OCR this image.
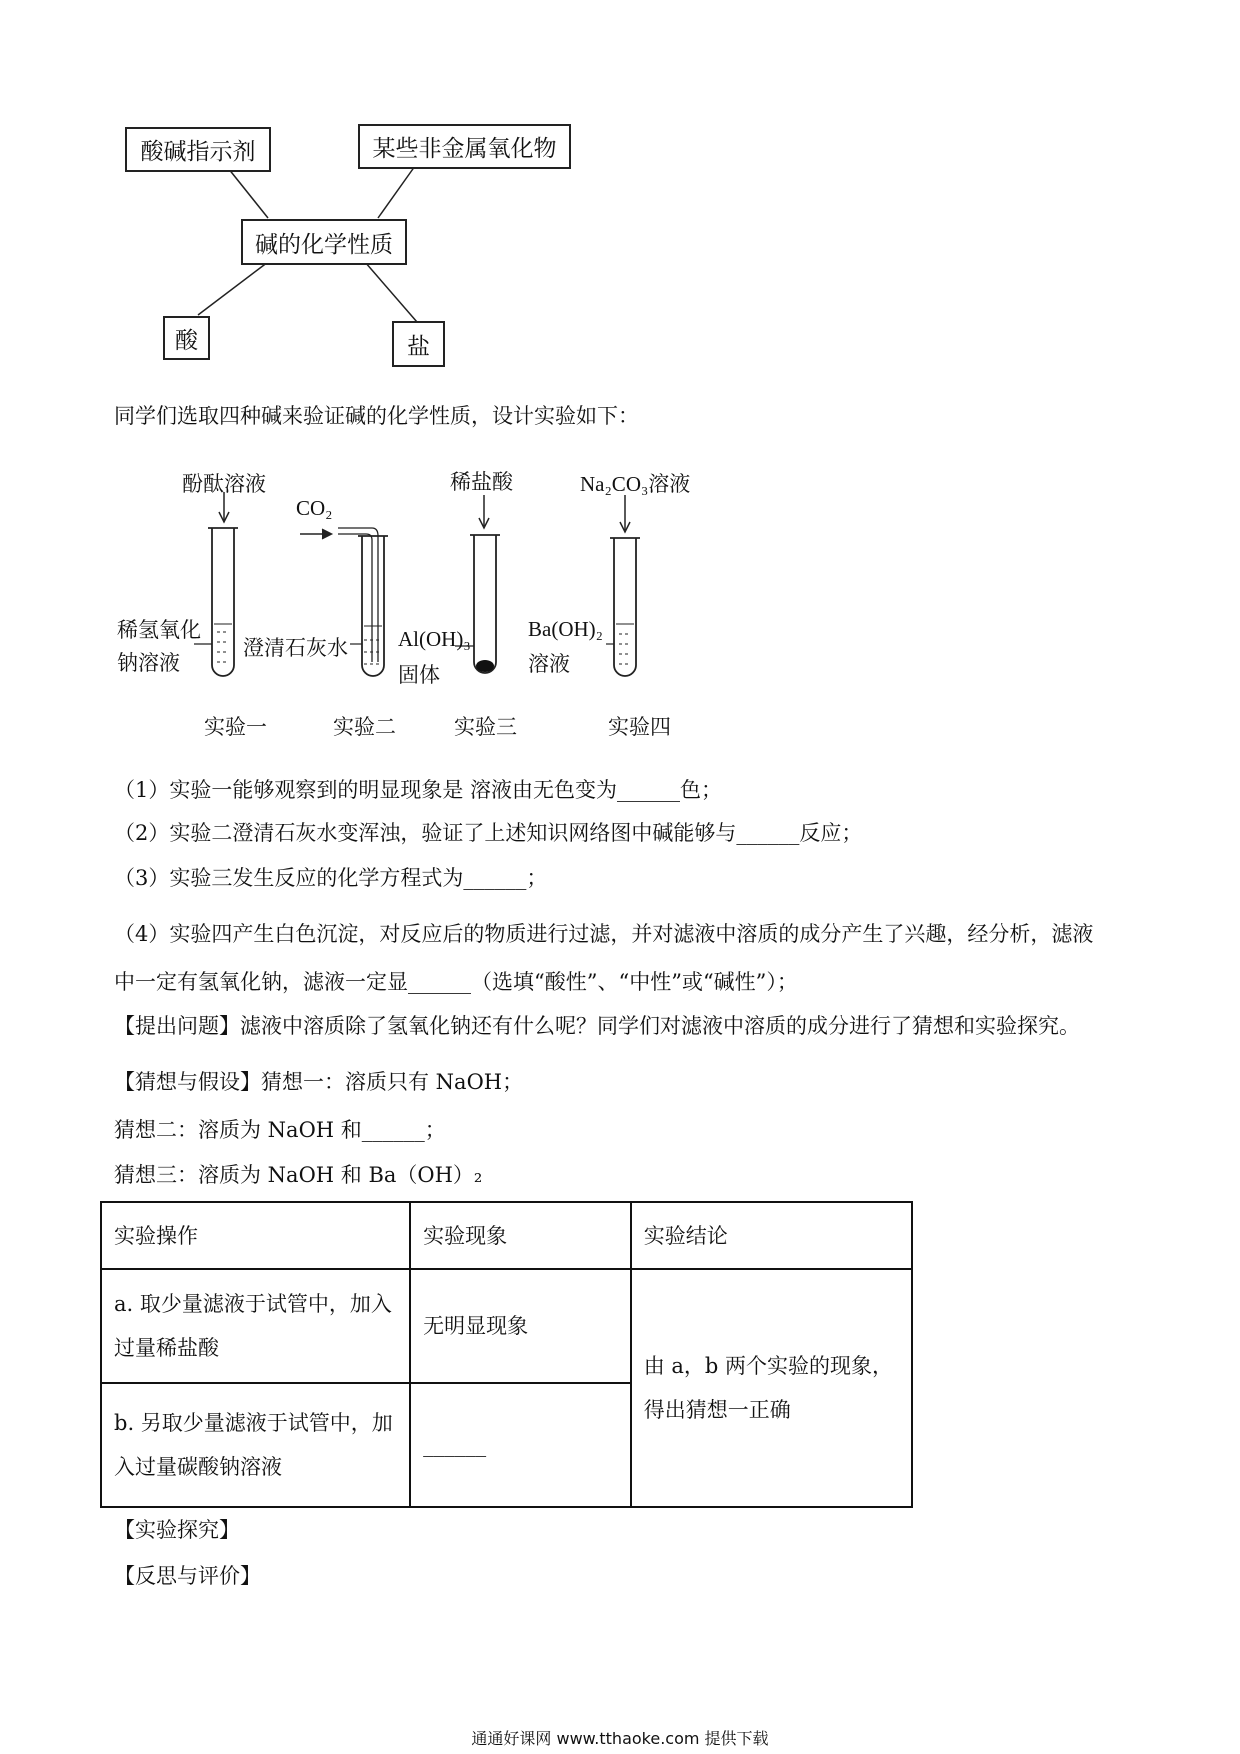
酸碱指示剂	某些非金属氧化物
碱的化学性质
酸	盐
同学们选取四种碱来验证碱的化学性质，设计实验如下：
酚酞溶液
稀氢氧化
钠溶液
实验一
CO₂
澄清石灰水
实验二
稀盐酸
Al(OH)₃
固体
实验三
Na₂CO₃溶液
Ba(OH)₂
溶液
实验四
（1）实验一能够观察到的明显现象是 溶液由无色变为______色；
（2）实验二澄清石灰水变浑浊，验证了上述知识网络图中碱能够与______反应；
（3）实验三发生反应的化学方程式为______；
（4）实验四产生白色沉淀，对反应后的物质进行过滤，并对滤液中溶质的成分产生了兴趣，经分析，滤液
中一定有氢氧化钠，滤液一定显______（选填“酸性”、“中性”或“碱性”）；
【提出问题】滤液中溶质除了氢氧化钠还有什么呢？同学们对滤液中溶质的成分进行了猜想和实验探究。
【猜想与假设】猜想一：溶质只有 NaOH；
猜想二：溶质为 NaOH 和______；
猜想三：溶质为 NaOH 和 Ba（OH）₂
实验操作	实验现象	实验结论
a. 取少量滤液于试管中，加入过量稀盐酸	无明显现象	由 a，b 两个实验的现象，得出猜想一正确
b. 另取少量滤液于试管中，加入过量碳酸钠溶液	______	
【实验探究】
【反思与评价】
通通好课网 www.tthaoke.com 提供下载
